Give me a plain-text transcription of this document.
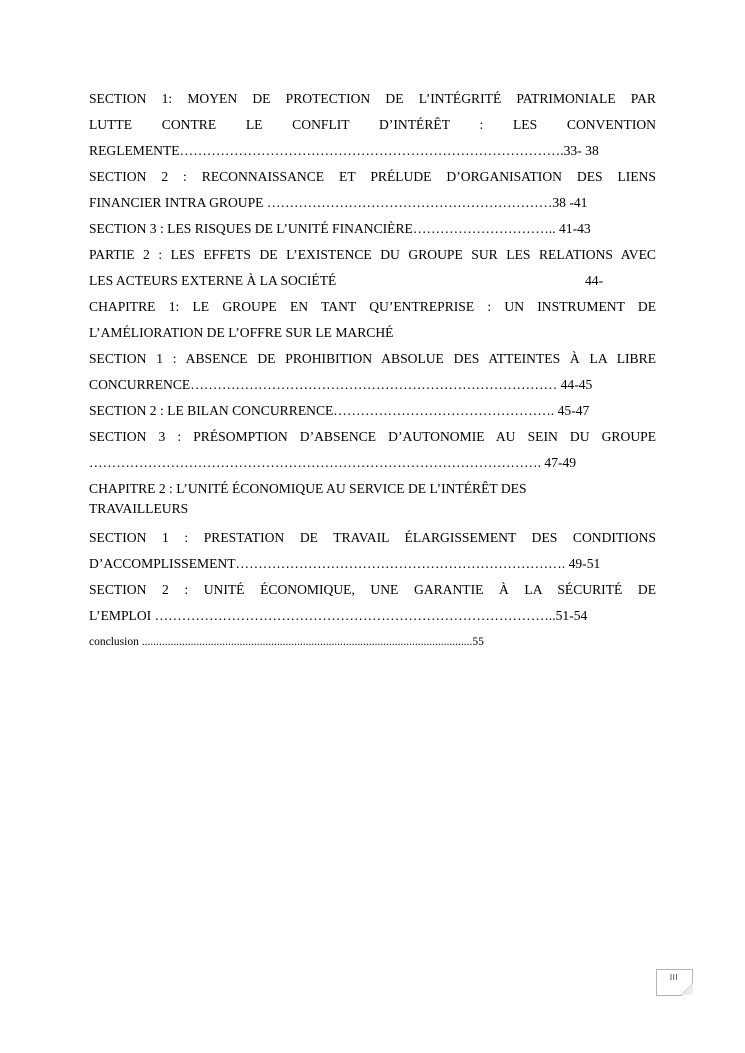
SECTION 1: MOYEN DE PROTECTION DE L’INTÉGRITÉ PATRIMONIALE PAR
LUTTE CONTRE LE CONFLIT D’INTÉRÊT : LES CONVENTION
REGLEMENTE………………………………………………………………………….33- 38
SECTION 2 : RECONNAISSANCE ET PRÉLUDE D’ORGANISATION DES LIENS
FINANCIER INTRA GROUPE ………………………………………………………38 -41
SECTION 3 : LES RISQUES DE L’UNITÉ FINANCIÈRE………………………….. 41-43
PARTIE 2 : LES EFFETS DE L’EXISTENCE DU GROUPE SUR LES RELATIONS AVEC
LES ACTEURS EXTERNE À LA SOCIÉTÉ	44-
CHAPITRE 1: LE GROUPE EN TANT QU’ENTREPRISE : UN INSTRUMENT DE
L’AMÉLIORATION DE L’OFFRE SUR LE MARCHÉ
SECTION 1 : ABSENCE DE PROHIBITION ABSOLUE DES ATTEINTES À LA LIBRE
CONCURRENCE……………………………………………………………………… 44-45
SECTION 2 : LE BILAN CONCURRENCE…………………………………………. 45-47
SECTION 3 : PRÉSOMPTION D’ABSENCE D’AUTONOMIE AU SEIN DU GROUPE
………………………………………………………………………………………. 47-49
CHAPITRE 2 : L’UNITÉ ÉCONOMIQUE AU SERVICE DE L’INTÉRÊT DES
TRAVAILLEURS
SECTION 1 : PRESTATION DE TRAVAIL ÉLARGISSEMENT DES CONDITIONS
D’ACCOMPLISSEMENT………………………………………………………………. 49-51
SECTION 2 : UNITÉ ÉCONOMIQUE, UNE GARANTIE À LA SÉCURITÉ DE
L’EMPLOI ……………………………………………………………………………..51-54
conclusion ...................................................................................................................55
III
